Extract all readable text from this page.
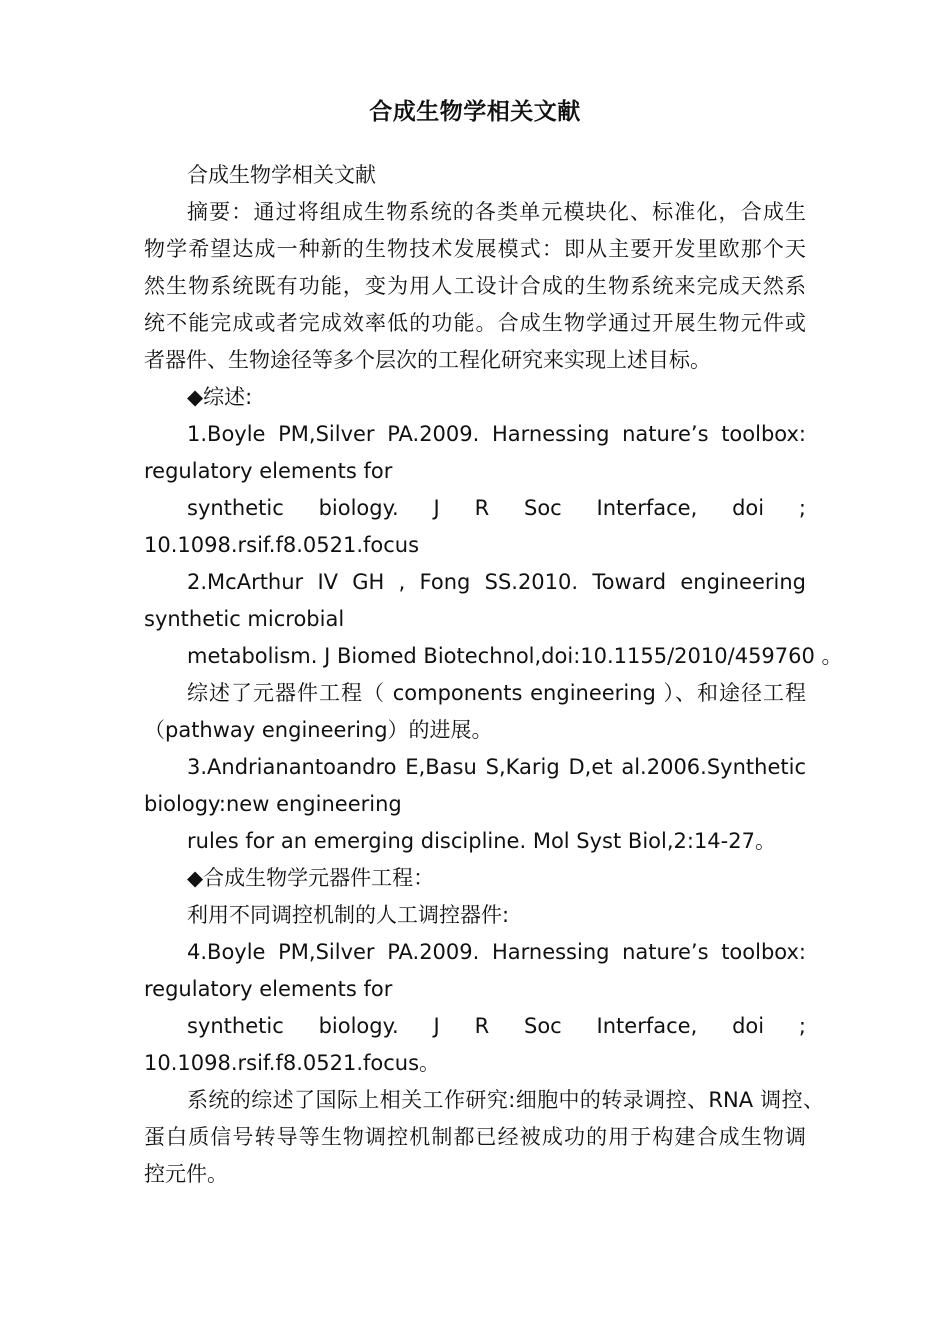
合成生物学相关文献

合成生物学相关文献

摘要：通过将组成生物系统的各类单元模块化、标准化，合成生

物学希望达成一种新的生物技术发展模式：即从主要开发里欧那个天

然生物系统既有功能，变为用人工设计合成的生物系统来完成天然系

统不能完成或者完成效率低的功能。合成生物学通过开展生物元件或

者器件、生物途径等多个层次的工程化研究来实现上述目标。

◆综述:

1.Boyle PM,Silver PA.2009. Harnessing nature’s toolbox:

regulatory elements for

synthetic biology. J R Soc Interface, doi ;

10.1098.rsif.f8.0521.focus

2.McArthur IV GH , Fong SS.2010. Toward engineering

synthetic microbial

metabolism. J Biomed Biotechnol,doi:10.1155/2010/459760 。

综述了元器件工程（ components engineering ）、和途径工程

（pathway engineering）的进展。

3.Andrianantoandro E,Basu S,Karig D,et al.2006.Synthetic

biology:new engineering

rules for an emerging discipline. Mol Syst Biol,2:14-27。

◆合成生物学元器件工程：

利用不同调控机制的人工调控器件:

4.Boyle PM,Silver PA.2009. Harnessing nature’s toolbox:

regulatory elements for

synthetic biology. J R Soc Interface, doi ;

10.1098.rsif.f8.0521.focus。

系统的综述了国际上相关工作研究:细胞中的转录调控、RNA 调控、

蛋白质信号转导等生物调控机制都已经被成功的用于构建合成生物调

控元件。
